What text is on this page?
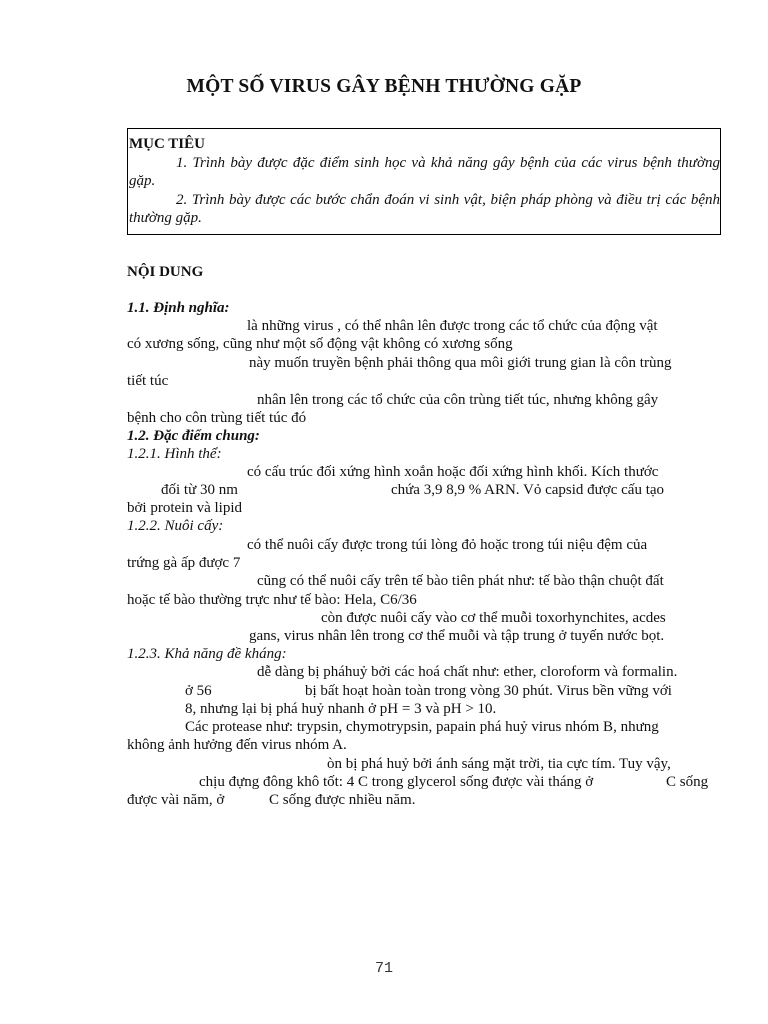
MỘT SỐ VIRUS GÂY BỆNH THƯỜNG GẶP
MỤC TIÊU
1. Trình bày được đặc điểm sinh học và khả năng gây bệnh của các virus bệnh thường gặp.
2. Trình bày được các bước chẩn đoán vi sinh vật, biện pháp phòng và điều trị các bệnh thường gặp.
NỘI DUNG
1.1. Định nghĩa:
là những virus , có thể nhân lên được trong các tổ chức của động vật
có xương sống, cũng như một số động vật không có xương sống
này muốn truyền bệnh phải thông qua môi giới trung gian là côn trùng
tiết túc
nhân lên trong các tổ chức của côn trùng tiết túc, nhưng không gây
bệnh cho côn trùng tiết túc đó
1.2. Đặc điểm chung:
1.2.1. Hình thể:
có cấu trúc đối xứng hình xoắn hoặc đối xứng hình khối. Kích thước
đối từ 30 nm	chứa 3,9 8,9 % ARN. Vỏ capsid được cấu tạo
bởi protein và lipid
1.2.2. Nuôi cấy:
có thể nuôi cấy được trong túi lòng đỏ hoặc trong túi niệu đệm của
trứng gà ấp được 7
cũng có thể nuôi cấy trên tế bào tiên phát như: tế bào thận chuột đất
hoặc tế bào thường trực như tế bào: Hela, C6/36
còn được nuôi cấy vào cơ thể muỗi toxorhynchites, acdes
gans, virus nhân lên trong cơ thể muỗi và tập trung ở tuyến nước bọt.
1.2.3. Khả năng đề kháng:
dễ dàng bị pháhuỷ bởi các hoá chất như: ether, cloroform và formalin.
ở 56	bị bất hoạt hoàn toàn trong vòng 30 phút. Virus bền vững với
8, nhưng lại bị phá huỷ nhanh ở pH = 3 và pH > 10.
Các protease như: trypsin, chymotrypsin, papain phá huỷ virus nhóm B, nhưng
không ảnh hưởng đến virus nhóm A.
òn bị phá huỷ bởi ánh sáng mặt trời, tia cực tím. Tuy vậy,
chịu đựng đông khô tốt: 4 C trong glycerol sống được vài tháng ở	C sống
được vài năm, ở	C sống được nhiều năm.
71
